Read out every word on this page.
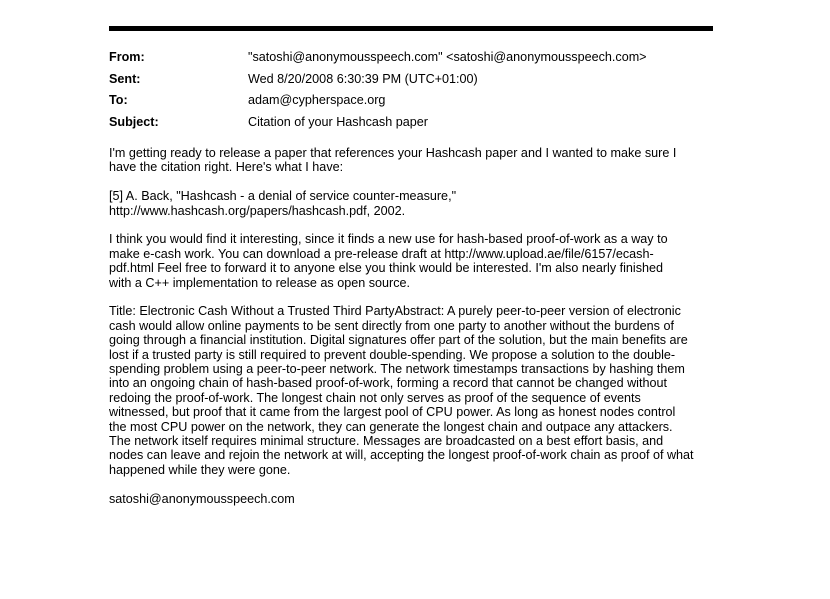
From:	"satoshi@anonymousspeech.com" <satoshi@anonymousspeech.com>
Sent:	Wed 8/20/2008 6:30:39 PM (UTC+01:00)
To:	adam@cypherspace.org
Subject:	Citation of your Hashcash paper

I'm getting ready to release a paper that references your Hashcash paper and I wanted to make sure I
have the citation right. Here's what I have:

[5] A. Back, "Hashcash - a denial of service counter-measure,"
http://www.hashcash.org/papers/hashcash.pdf, 2002.

I think you would find it interesting, since it finds a new use for hash-based proof-of-work as a way to
make e-cash work. You can download a pre-release draft at http://www.upload.ae/file/6157/ecash-
pdf.html Feel free to forward it to anyone else you think would be interested. I'm also nearly finished
with a C++ implementation to release as open source.

Title: Electronic Cash Without a Trusted Third PartyAbstract: A purely peer-to-peer version of electronic
cash would allow online payments to be sent directly from one party to another without the burdens of
going through a financial institution. Digital signatures offer part of the solution, but the main benefits are
lost if a trusted party is still required to prevent double-spending. We propose a solution to the double-
spending problem using a peer-to-peer network. The network timestamps transactions by hashing them
into an ongoing chain of hash-based proof-of-work, forming a record that cannot be changed without
redoing the proof-of-work. The longest chain not only serves as proof of the sequence of events
witnessed, but proof that it came from the largest pool of CPU power. As long as honest nodes control
the most CPU power on the network, they can generate the longest chain and outpace any attackers.
The network itself requires minimal structure. Messages are broadcasted on a best effort basis, and
nodes can leave and rejoin the network at will, accepting the longest proof-of-work chain as proof of what
happened while they were gone.

satoshi@anonymousspeech.com
